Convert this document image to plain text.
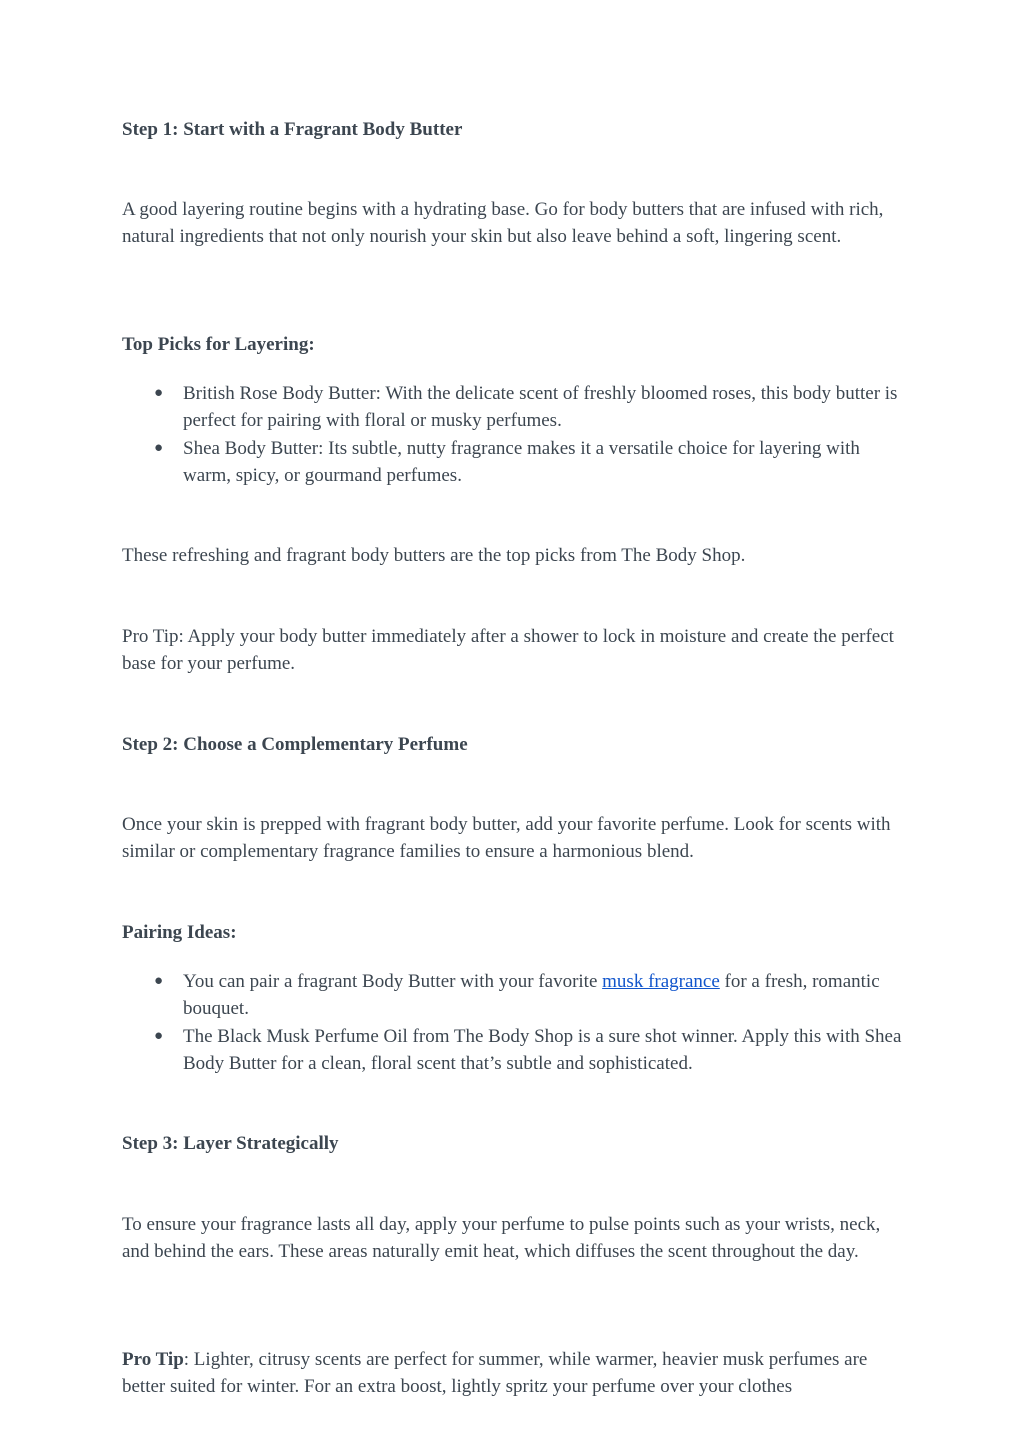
Step 1: Start with a Fragrant Body Butter

A good layering routine begins with a hydrating base. Go for body butters that are infused with rich, natural ingredients that not only nourish your skin but also leave behind a soft, lingering scent.

Top Picks for Layering:

● British Rose Body Butter: With the delicate scent of freshly bloomed roses, this body butter is perfect for pairing with floral or musky perfumes.
● Shea Body Butter: Its subtle, nutty fragrance makes it a versatile choice for layering with warm, spicy, or gourmand perfumes.

These refreshing and fragrant body butters are the top picks from The Body Shop.

Pro Tip: Apply your body butter immediately after a shower to lock in moisture and create the perfect base for your perfume.

Step 2: Choose a Complementary Perfume

Once your skin is prepped with fragrant body butter, add your favorite perfume. Look for scents with similar or complementary fragrance families to ensure a harmonious blend.

Pairing Ideas:

● You can pair a fragrant Body Butter with your favorite musk fragrance for a fresh, romantic bouquet.
● The Black Musk Perfume Oil from The Body Shop is a sure shot winner. Apply this with Shea Body Butter for a clean, floral scent that’s subtle and sophisticated.

Step 3: Layer Strategically

To ensure your fragrance lasts all day, apply your perfume to pulse points such as your wrists, neck, and behind the ears. These areas naturally emit heat, which diffuses the scent throughout the day.

Pro Tip: Lighter, citrusy scents are perfect for summer, while warmer, heavier musk perfumes are better suited for winter. For an extra boost, lightly spritz your perfume over your clothes
